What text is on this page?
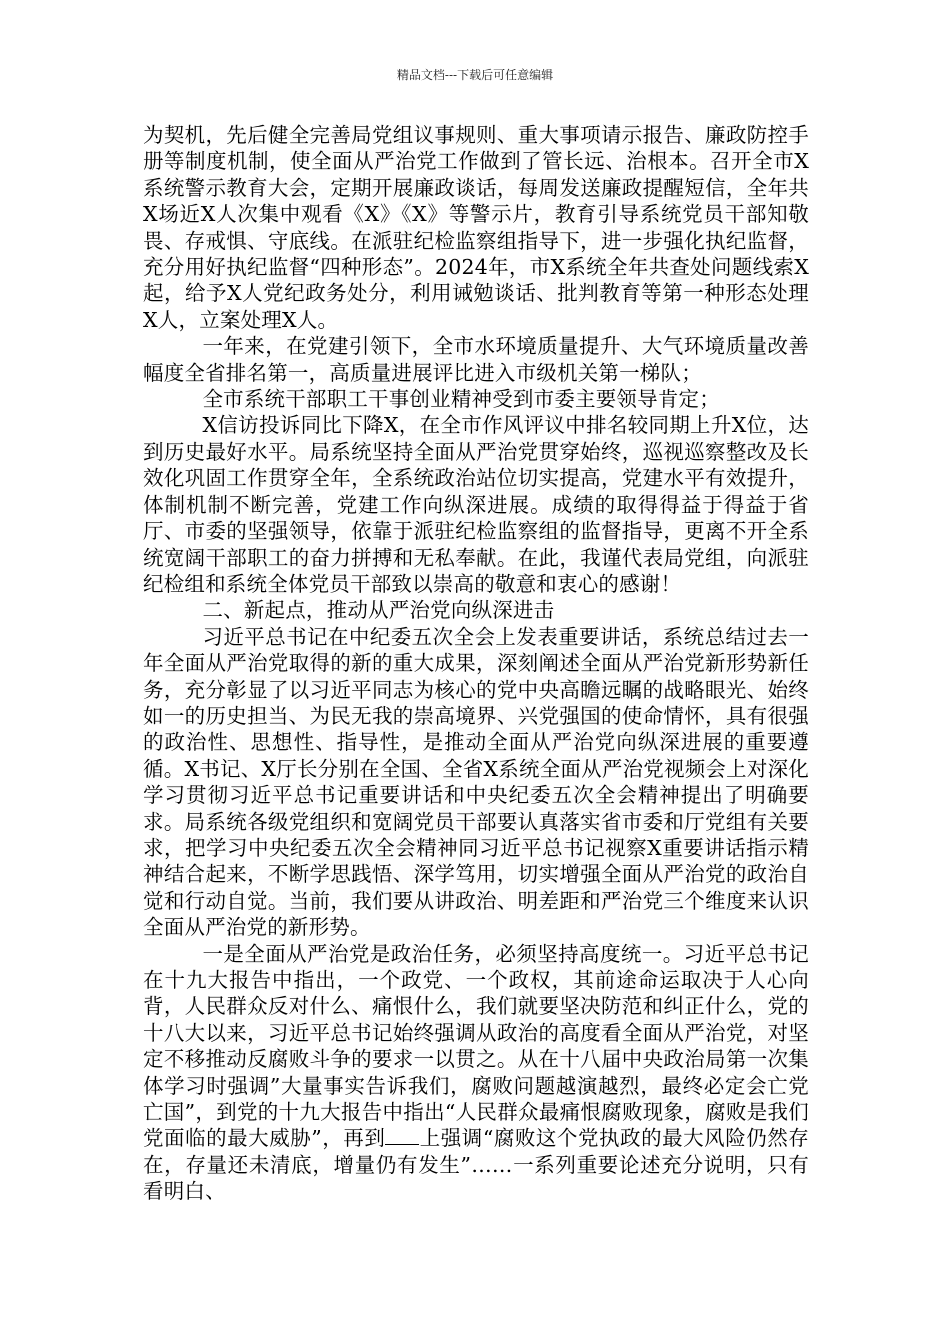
精品文档---下载后可任意编辑

为契机，先后健全完善局党组议事规则、重大事项请示报告、廉政防控手册等制度机制，使全面从严治党工作做到了管长远、治根本。召开全市X系统警示教育大会，定期开展廉政谈话，每周发送廉政提醒短信，全年共X场近X人次集中观看《X》《X》等警示片，教育引导系统党员干部知敬畏、存戒惧、守底线。在派驻纪检监察组指导下，进一步强化执纪监督，充分用好执纪监督“四种形态”。2024年，市X系统全年共查处问题线索X起，给予X人党纪政务处分，利用诫勉谈话、批判教育等第一种形态处理X人，立案处理X人。

一年来，在党建引领下，全市水环境质量提升、大气环境质量改善幅度全省排名第一，高质量进展评比进入市级机关第一梯队；

全市系统干部职工干事创业精神受到市委主要领导肯定；

X信访投诉同比下降X，在全市作风评议中排名较同期上升X位，达到历史最好水平。局系统坚持全面从严治党贯穿始终，巡视巡察整改及长效化巩固工作贯穿全年，全系统政治站位切实提高，党建水平有效提升，体制机制不断完善，党建工作向纵深进展。成绩的取得得益于得益于省厅、市委的坚强领导，依靠于派驻纪检监察组的监督指导，更离不开全系统宽阔干部职工的奋力拼搏和无私奉献。在此，我谨代表局党组，向派驻纪检组和系统全体党员干部致以崇高的敬意和衷心的感谢！

二、新起点，推动从严治党向纵深进击

习近平总书记在中纪委五次全会上发表重要讲话，系统总结过去一年全面从严治党取得的新的重大成果，深刻阐述全面从严治党新形势新任务，充分彰显了以习近平同志为核心的党中央高瞻远瞩的战略眼光、始终如一的历史担当、为民无我的崇高境界、兴党强国的使命情怀，具有很强的政治性、思想性、指导性，是推动全面从严治党向纵深进展的重要遵循。X书记、X厅长分别在全国、全省X系统全面从严治党视频会上对深化学习贯彻习近平总书记重要讲话和中央纪委五次全会精神提出了明确要求。局系统各级党组织和宽阔党员干部要认真落实省市委和厅党组有关要求，把学习中央纪委五次全会精神同习近平总书记视察X重要讲话指示精神结合起来，不断学思践悟、深学笃用，切实增强全面从严治党的政治自觉和行动自觉。当前，我们要从讲政治、明差距和严治党三个维度来认识全面从严治党的新形势。

一是全面从严治党是政治任务，必须坚持高度统一。习近平总书记在十九大报告中指出，一个政党、一个政权，其前途命运取决于人心向背，人民群众反对什么、痛恨什么，我们就要坚决防范和纠正什么，党的十八大以来，习近平总书记始终强调从政治的高度看全面从严治党，对坚定不移推动反腐败斗争的要求一以贯之。从在十八届中央政治局第一次集体学习时强调”大量事实告诉我们，腐败问题越演越烈，最终必定会亡党亡国”，到党的十九大报告中指出“人民群众最痛恨腐败现象，腐败是我们党面临的最大威胁”，再到 上强调“腐败这个党执政的最大风险仍然存在，存量还未清底，增量仍有发生”……一系列重要论述充分说明，只有看明白、
